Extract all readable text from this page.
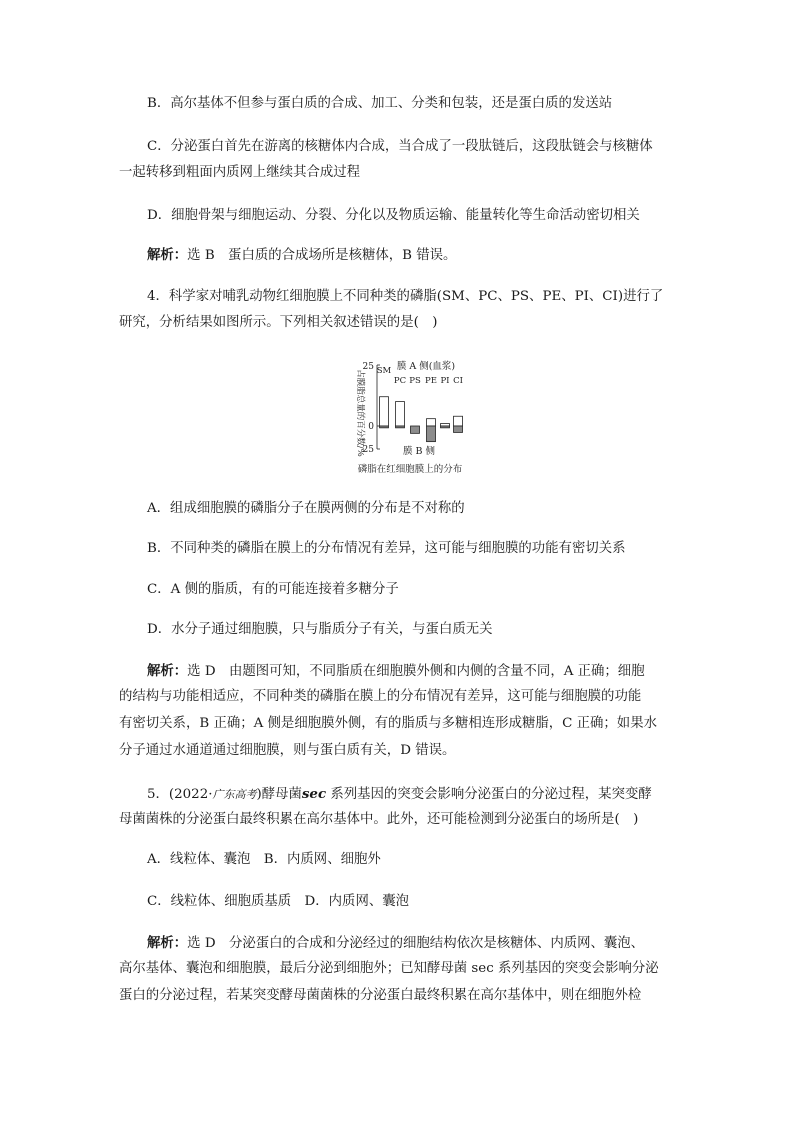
B．高尔基体不但参与蛋白质的合成、加工、分类和包装，还是蛋白质的发送站
C．分泌蛋白首先在游离的核糖体内合成，当合成了一段肽链后，这段肽链会与核糖体
一起转移到粗面内质网上继续其合成过程
D．细胞骨架与细胞运动、分裂、分化以及物质运输、能量转化等生命活动密切相关
解析：选 B　蛋白质的合成场所是核糖体，B 错误。
4．科学家对哺乳动物红细胞膜上不同种类的磷脂(SM、PC、PS、PE、PI、CI)进行了
研究，分析结果如图所示。下列相关叙述错误的是(　)
占膜脂总量的百分数/%
膜 A 侧(血浆)
膜 B 侧
磷脂在红细胞膜上的分布
25
0
25
SM
PC PS PE PI CI
A．组成细胞膜的磷脂分子在膜两侧的分布是不对称的
B．不同种类的磷脂在膜上的分布情况有差异，这可能与细胞膜的功能有密切关系
C．A 侧的脂质，有的可能连接着多糖分子
D．水分子通过细胞膜，只与脂质分子有关，与蛋白质无关
解析：选 D　由题图可知，不同脂质在细胞膜外侧和内侧的含量不同，A 正确；细胞
的结构与功能相适应，不同种类的磷脂在膜上的分布情况有差异，这可能与细胞膜的功能
有密切关系，B 正确；A 侧是细胞膜外侧，有的脂质与多糖相连形成糖脂，C 正确；如果水
分子通过水通道通过细胞膜，则与蛋白质有关，D 错误。
5．(2022·广东高考)酵母菌sec 系列基因的突变会影响分泌蛋白的分泌过程，某突变酵
母菌菌株的分泌蛋白最终积累在高尔基体中。此外，还可能检测到分泌蛋白的场所是(　)
A．线粒体、囊泡　B．内质网、细胞外
C．线粒体、细胞质基质　D．内质网、囊泡
解析：选 D　分泌蛋白的合成和分泌经过的细胞结构依次是核糖体、内质网、囊泡、
高尔基体、囊泡和细胞膜，最后分泌到细胞外；已知酵母菌 sec 系列基因的突变会影响分泌
蛋白的分泌过程，若某突变酵母菌菌株的分泌蛋白最终积累在高尔基体中，则在细胞外检
